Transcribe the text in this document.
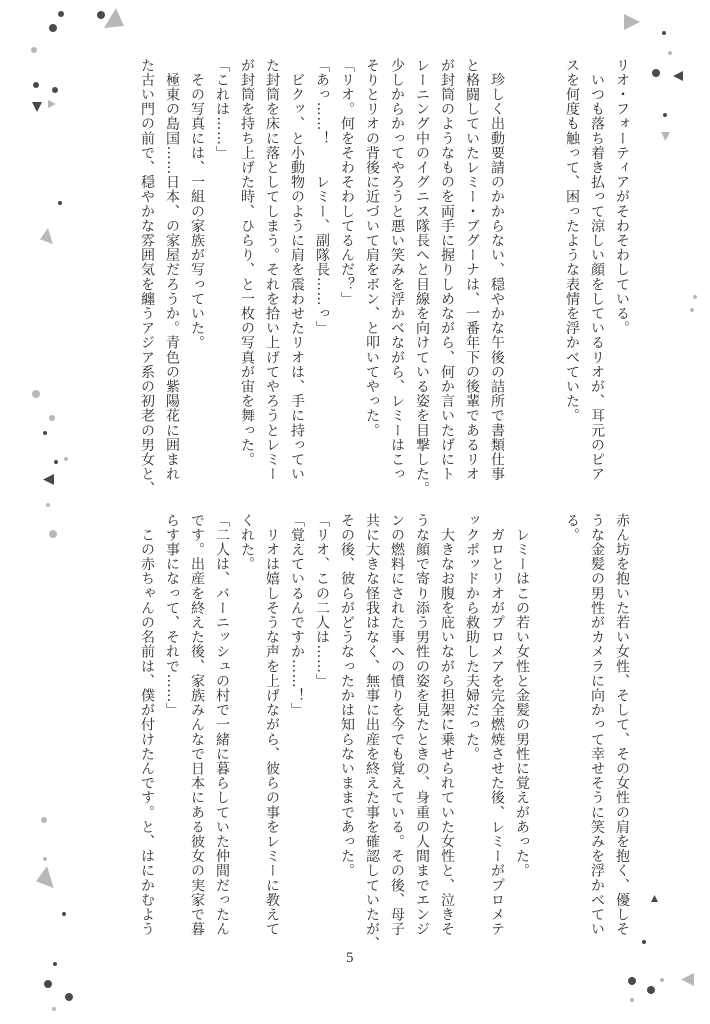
リオ・フォーティアがそわそわしている。
　いつも落ち着き払って涼しい顔をしているリオが、耳元のピア
スを何度も触って、困ったような表情を浮かべていた。
　珍しく出動要請のかからない、穏やかな午後の詰所で書類仕事
と格闘していたレミー・ブグーナは、一番年下の後輩であるリオ
が封筒のようなものを両手に握りしめながら、何か言いたげにト
レーニング中のイグニス隊長へと目線を向けている姿を目撃した。
少しからかってやろうと悪い笑みを浮かべながら、レミーはこっ
そりとリオの背後に近づいて肩をボン、と叩いてやった。
「リオ。何をそわそわしてるんだ？」
「あっ……！　　レミー、副隊長……っ」
　ビクッ、と小動物のように肩を震わせたリオは、手に持ってい
た封筒を床に落としてしまう。それを拾い上げてやろうとレミー
が封筒を持ち上げた時、ひらり、と一枚の写真が宙を舞った。
「これは……」
　その写真には、一組の家族が写っていた。
　極東の島国……日本、の家屋だろうか。青色の紫陽花に囲まれ
た古い門の前で、穏やかな雰囲気を纏うアジア系の初老の男女と、
赤ん坊を抱いた若い女性、そして、その女性の肩を抱く、優しそ
うな金髪の男性がカメラに向かって幸せそうに笑みを浮かべてい
る。
　レミーはこの若い女性と金髪の男性に覚えがあった。
　ガロとリオがプロメアを完全燃焼させた後、レミーがプロメテ
ックポッドから救助した夫婦だった。
　大きなお腹を庇いながら担架に乗せられていた女性と、泣きそ
うな顔で寄り添う男性の姿を見たときの、身重の人間までエンジ
ンの燃料にされた事への憤りを今でも覚えている。その後、母子
共に大きな怪我はなく、無事に出産を終えた事を確認していたが、
その後、彼らがどうなったかは知らないままであった。
「リオ、この二人は……」
「覚えているんですか……！」
　リオは嬉しそうな声を上げながら、彼らの事をレミーに教えて
くれた。
「二人は、バーニッシュの村で一緒に暮らしていた仲間だったん
です。出産を終えた後、家族みんなで日本にある彼女の実家で暮
らす事になって、それで……」
　この赤ちゃんの名前は、僕が付けたんです。と、はにかむよう
5
